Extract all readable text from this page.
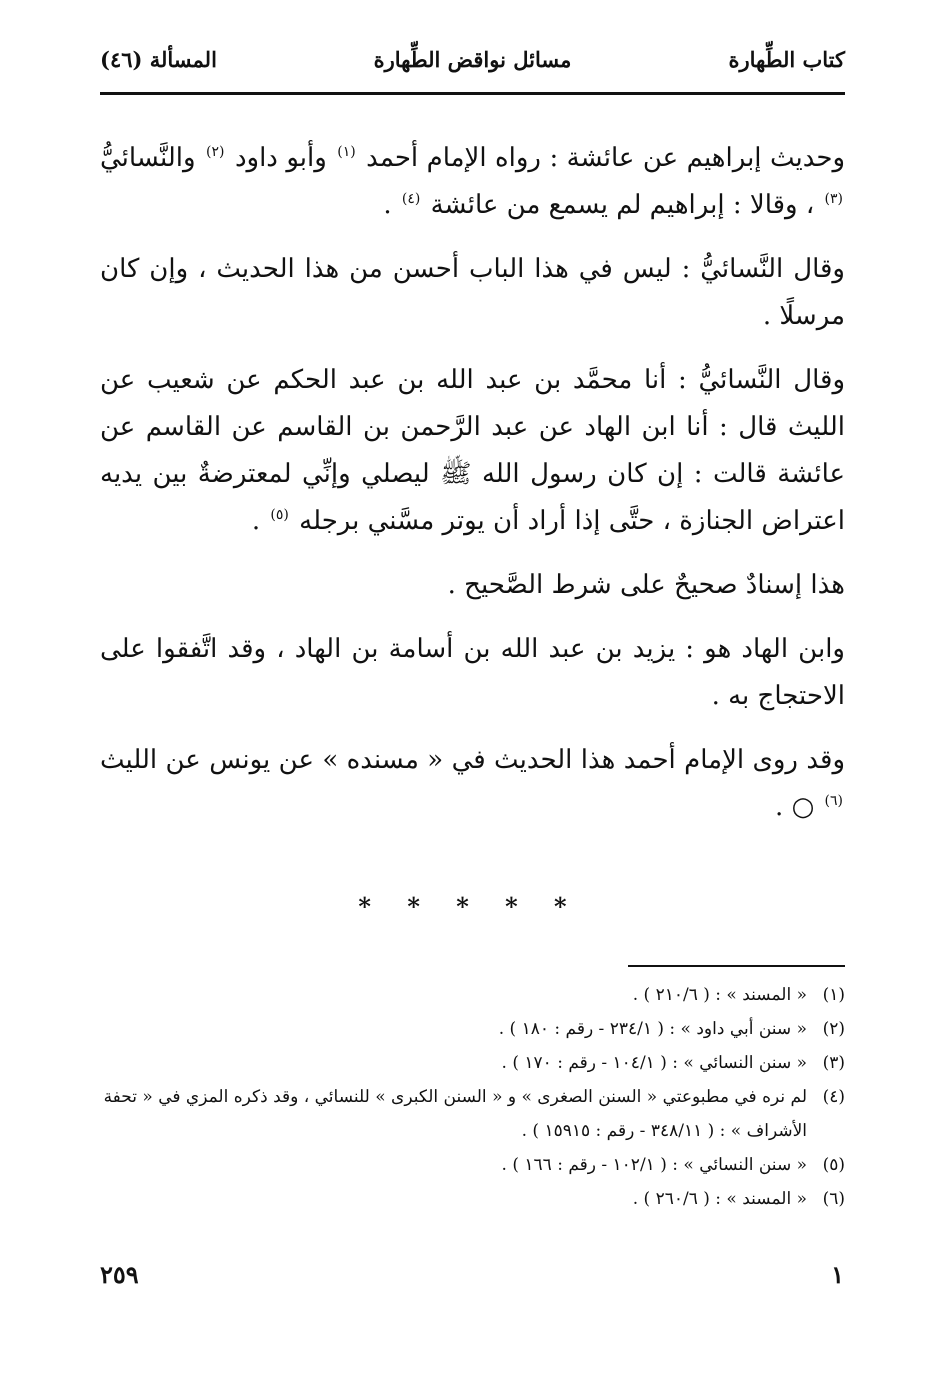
كتاب الطِّهارة
مسائل نواقض الطِّهارة
المسألة (٤٦)

وحديث إبراهيم عن عائشة : رواه الإمام أحمد $^{(١)}$ وأبو داود $^{(٢)}$ والنَّسائيُّ $^{(٣)}$ ، وقالا : إبراهيم لم يسمع من عائشة $^{(٤)}$ .

وقال النَّسائيُّ : ليس في هذا الباب أحسن من هذا الحديث ، وإن كان مرسلًا .

وقال النَّسائيُّ : أنا محمَّد بن عبد الله بن عبد الحكم عن شعيب عن الليث قال : أنا ابن الهاد عن عبد الرَّحمن بن القاسم عن القاسم عن عائشة قالت : إن كان رسول الله ﷺ ليصلي وإنِّي لمعترضةٌ بين يديه اعتراض الجنازة ، حتَّى إذا أراد أن يوتر مسَّني برجله $^{(٥)}$ .

هذا إسنادٌ صحيحٌ على شرط الصَّحيح .

وابن الهاد هو : يزيد بن عبد الله بن أسامة بن الهاد ، وقد اتَّفقوا على الاحتجاج به .

وقد روى الإمام أحمد هذا الحديث في « مسنده » عن يونس عن الليث $^{(٦)}$ ○ .

* * * * *
(١)
« المسند » : ( ٢١٠/٦ ) .
(٢)
« سنن أبي داود » : ( ٢٣٤/١ - رقم : ١٨٠ ) .
(٣)
« سنن النسائي » : ( ١٠٤/١ - رقم : ١٧٠ ) .
(٤)
لم نره في مطبوعتي « السنن الصغرى » و « السنن الكبرى » للنسائي ، وقد ذكره المزي في « تحفة الأشراف » : ( ٣٤٨/١١ - رقم : ١٥٩١٥ ) .
(٥)
« سنن النسائي » : ( ١٠٢/١ - رقم : ١٦٦ ) .
(٦)
« المسند » : ( ٢٦٠/٦ ) .
١
٢٥٩
